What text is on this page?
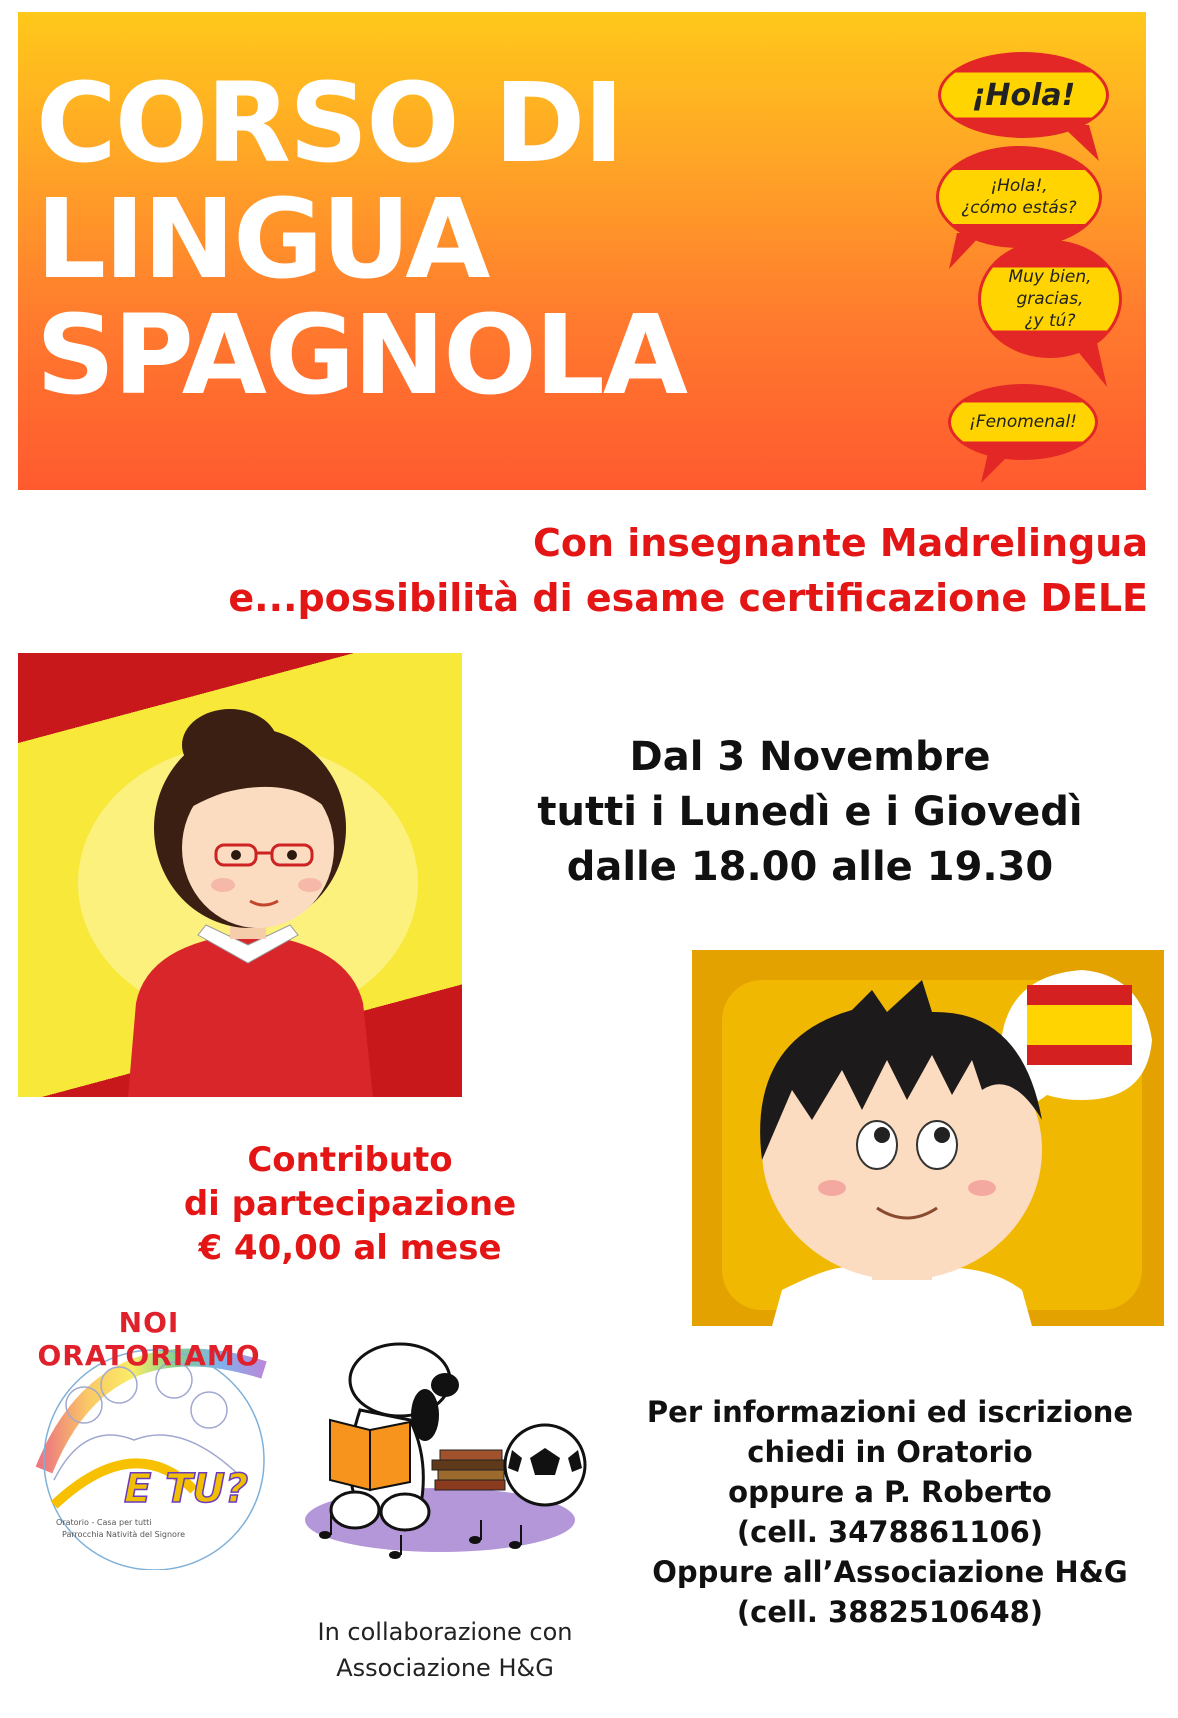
CORSO DI
LINGUA
SPAGNOLA
¡Hola!
¡Hola!,
¿cómo estás?
Muy bien,
gracias,
¿y tú?
¡Fenomenal!
Con insegnante Madrelingua
e...possibilità di esame certificazione DELE
Dal 3 Novembre
tutti i Lunedì e i Giovedì
dalle 18.00 alle 19.30
Contributo
di partecipazione
€ 40,00 al mese
NOI ORATORIAMO
E TU?
Oratorio - Casa per tutti
Parrocchia Natività del Signore
In collaborazione con
Associazione H&G
Per informazioni ed iscrizione
chiedi in Oratorio
oppure a P. Roberto
(cell. 3478861106)
Oppure all’Associazione H&G
(cell. 3882510648)
